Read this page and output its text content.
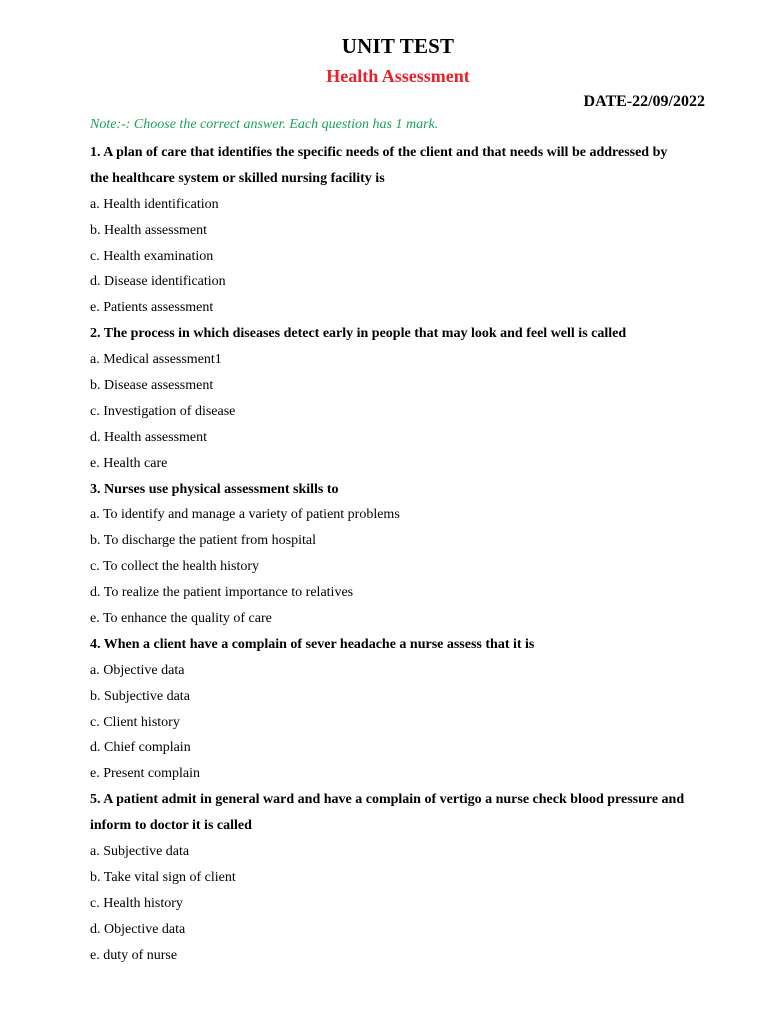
UNIT TEST
Health Assessment
DATE-22/09/2022
Note:-: Choose the correct answer. Each question has 1 mark.
1. A plan of care that identifies the specific needs of the client and that needs will be addressed by
the healthcare system or skilled nursing facility is
a. Health identification
b. Health assessment
c. Health examination
d. Disease identification
e. Patients assessment
2. The process in which diseases detect early in people that may look and feel well is called
a. Medical assessment1
b. Disease assessment
c. Investigation of disease
d. Health assessment
e. Health care
3. Nurses use physical assessment skills to
a. To identify and manage a variety of patient problems
b. To discharge the patient from hospital
c. To collect the health history
d. To realize the patient importance to relatives
e. To enhance the quality of care
4. When a client have a complain of sever headache a nurse assess that it is
a. Objective data
b. Subjective data
c. Client history
d. Chief complain
e. Present complain
5. A patient admit in general ward and have a complain of vertigo a nurse check blood pressure and
inform to doctor it is called
a. Subjective data
b. Take vital sign of client
c. Health history
d. Objective data
e. duty of nurse
